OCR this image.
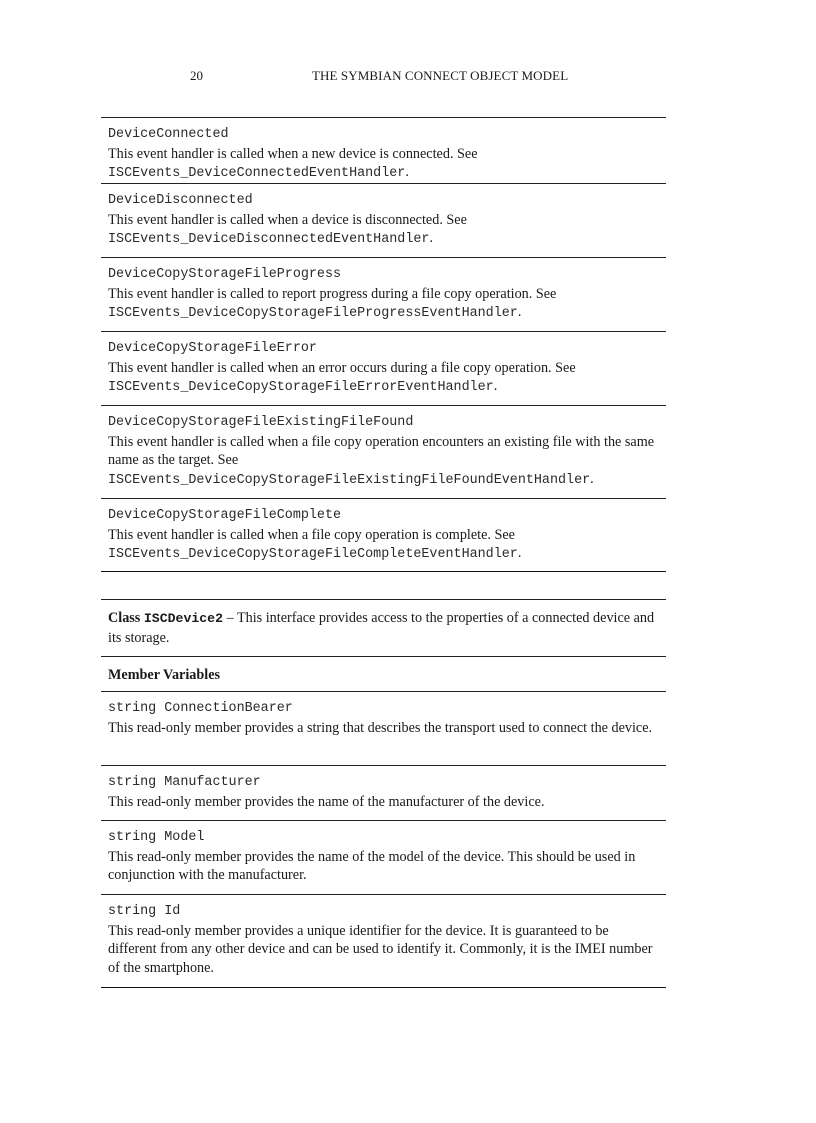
20	THE SYMBIAN CONNECT OBJECT MODEL
DeviceConnected
This event handler is called when a new device is connected. See
ISCEvents_DeviceConnectedEventHandler.
DeviceDisconnected
This event handler is called when a device is disconnected. See
ISCEvents_DeviceDisconnectedEventHandler.
DeviceCopyStorageFileProgress
This event handler is called to report progress during a file copy operation. See
ISCEvents_DeviceCopyStorageFileProgressEventHandler.
DeviceCopyStorageFileError
This event handler is called when an error occurs during a file copy operation. See
ISCEvents_DeviceCopyStorageFileErrorEventHandler.
DeviceCopyStorageFileExistingFileFound
This event handler is called when a file copy operation encounters an existing file with the same name as the target. See
ISCEvents_DeviceCopyStorageFileExistingFileFoundEventHandler.
DeviceCopyStorageFileComplete
This event handler is called when a file copy operation is complete. See
ISCEvents_DeviceCopyStorageFileCompleteEventHandler.
Class ISCDevice2 – This interface provides access to the properties of a connected device and its storage.
Member Variables
string ConnectionBearer
This read-only member provides a string that describes the transport used to connect the device.
string Manufacturer
This read-only member provides the name of the manufacturer of the device.
string Model
This read-only member provides the name of the model of the device. This should be used in conjunction with the manufacturer.
string Id
This read-only member provides a unique identifier for the device. It is guaranteed to be different from any other device and can be used to identify it. Commonly, it is the IMEI number of the smartphone.
